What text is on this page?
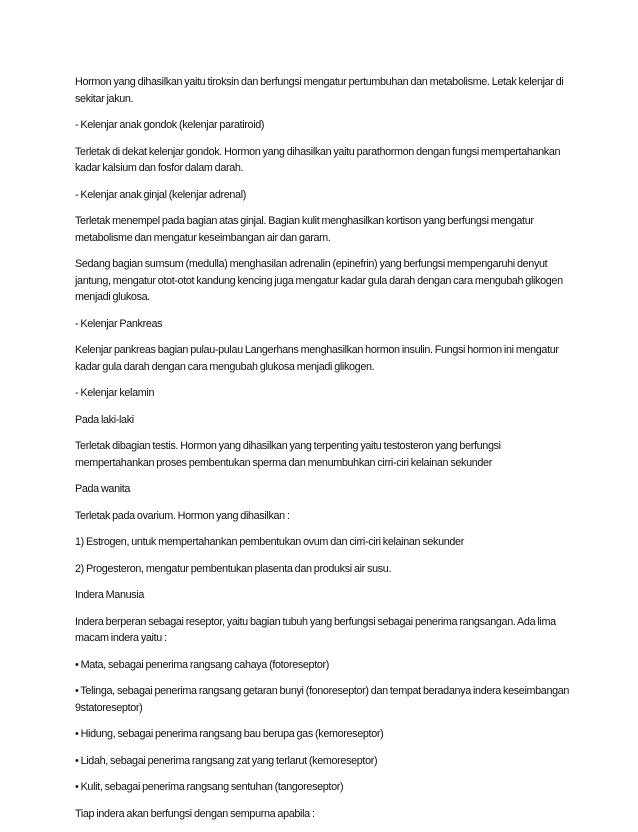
Hormon yang dihasilkan yaitu tiroksin dan berfungsi mengatur pertumbuhan dan metabolisme. Letak kelenjar di sekitar jakun.

- Kelenjar anak gondok (kelenjar paratiroid)

Terletak di dekat kelenjar gondok. Hormon yang dihasilkan yaitu parathormon dengan fungsi mempertahankan kadar kalsium dan fosfor dalam darah.

- Kelenjar anak ginjal (kelenjar adrenal)

Terletak menempel pada bagian atas ginjal. Bagian kulit menghasilkan kortison yang berfungsi mengatur metabolisme dan mengatur keseimbangan air dan garam.

Sedang bagian sumsum (medulla) menghasilan adrenalin (epinefrin) yang berfungsi mempengaruhi denyut jantung, mengatur otot-otot kandung kencing juga mengatur kadar gula darah dengan cara mengubah glikogen menjadi glukosa.

- Kelenjar Pankreas

Kelenjar pankreas bagian pulau-pulau Langerhans menghasilkan hormon insulin. Fungsi hormon ini mengatur kadar gula darah dengan cara mengubah glukosa menjadi glikogen.

- Kelenjar kelamin

Pada laki-laki

Terletak dibagian testis. Hormon yang dihasilkan yang terpenting yaitu testosteron yang berfungsi mempertahankan proses pembentukan sperma dan menumbuhkan cirri-ciri kelainan sekunder

Pada wanita

Terletak pada ovarium. Hormon yang dihasilkan :

1) Estrogen, untuk mempertahankan pembentukan ovum dan cirri-ciri kelainan sekunder

2) Progesteron, mengatur pembentukan plasenta dan produksi air susu.

Indera Manusia

Indera berperan sebagai reseptor, yaitu bagian tubuh yang berfungsi sebagai penerima rangsangan. Ada lima macam indera yaitu :

• Mata, sebagai penerima rangsang cahaya (fotoreseptor)

• Telinga, sebagai penerima rangsang getaran bunyi (fonoreseptor) dan tempat beradanya indera keseimbangan 9statoreseptor)

• Hidung, sebagai penerima rangsang bau berupa gas (kemoreseptor)

• Lidah, sebagai penerima rangsang zat yang terlarut (kemoreseptor)

• Kulit, sebagai penerima rangsang sentuhan (tangoreseptor)

Tiap indera akan berfungsi dengan sempurna apabila :
